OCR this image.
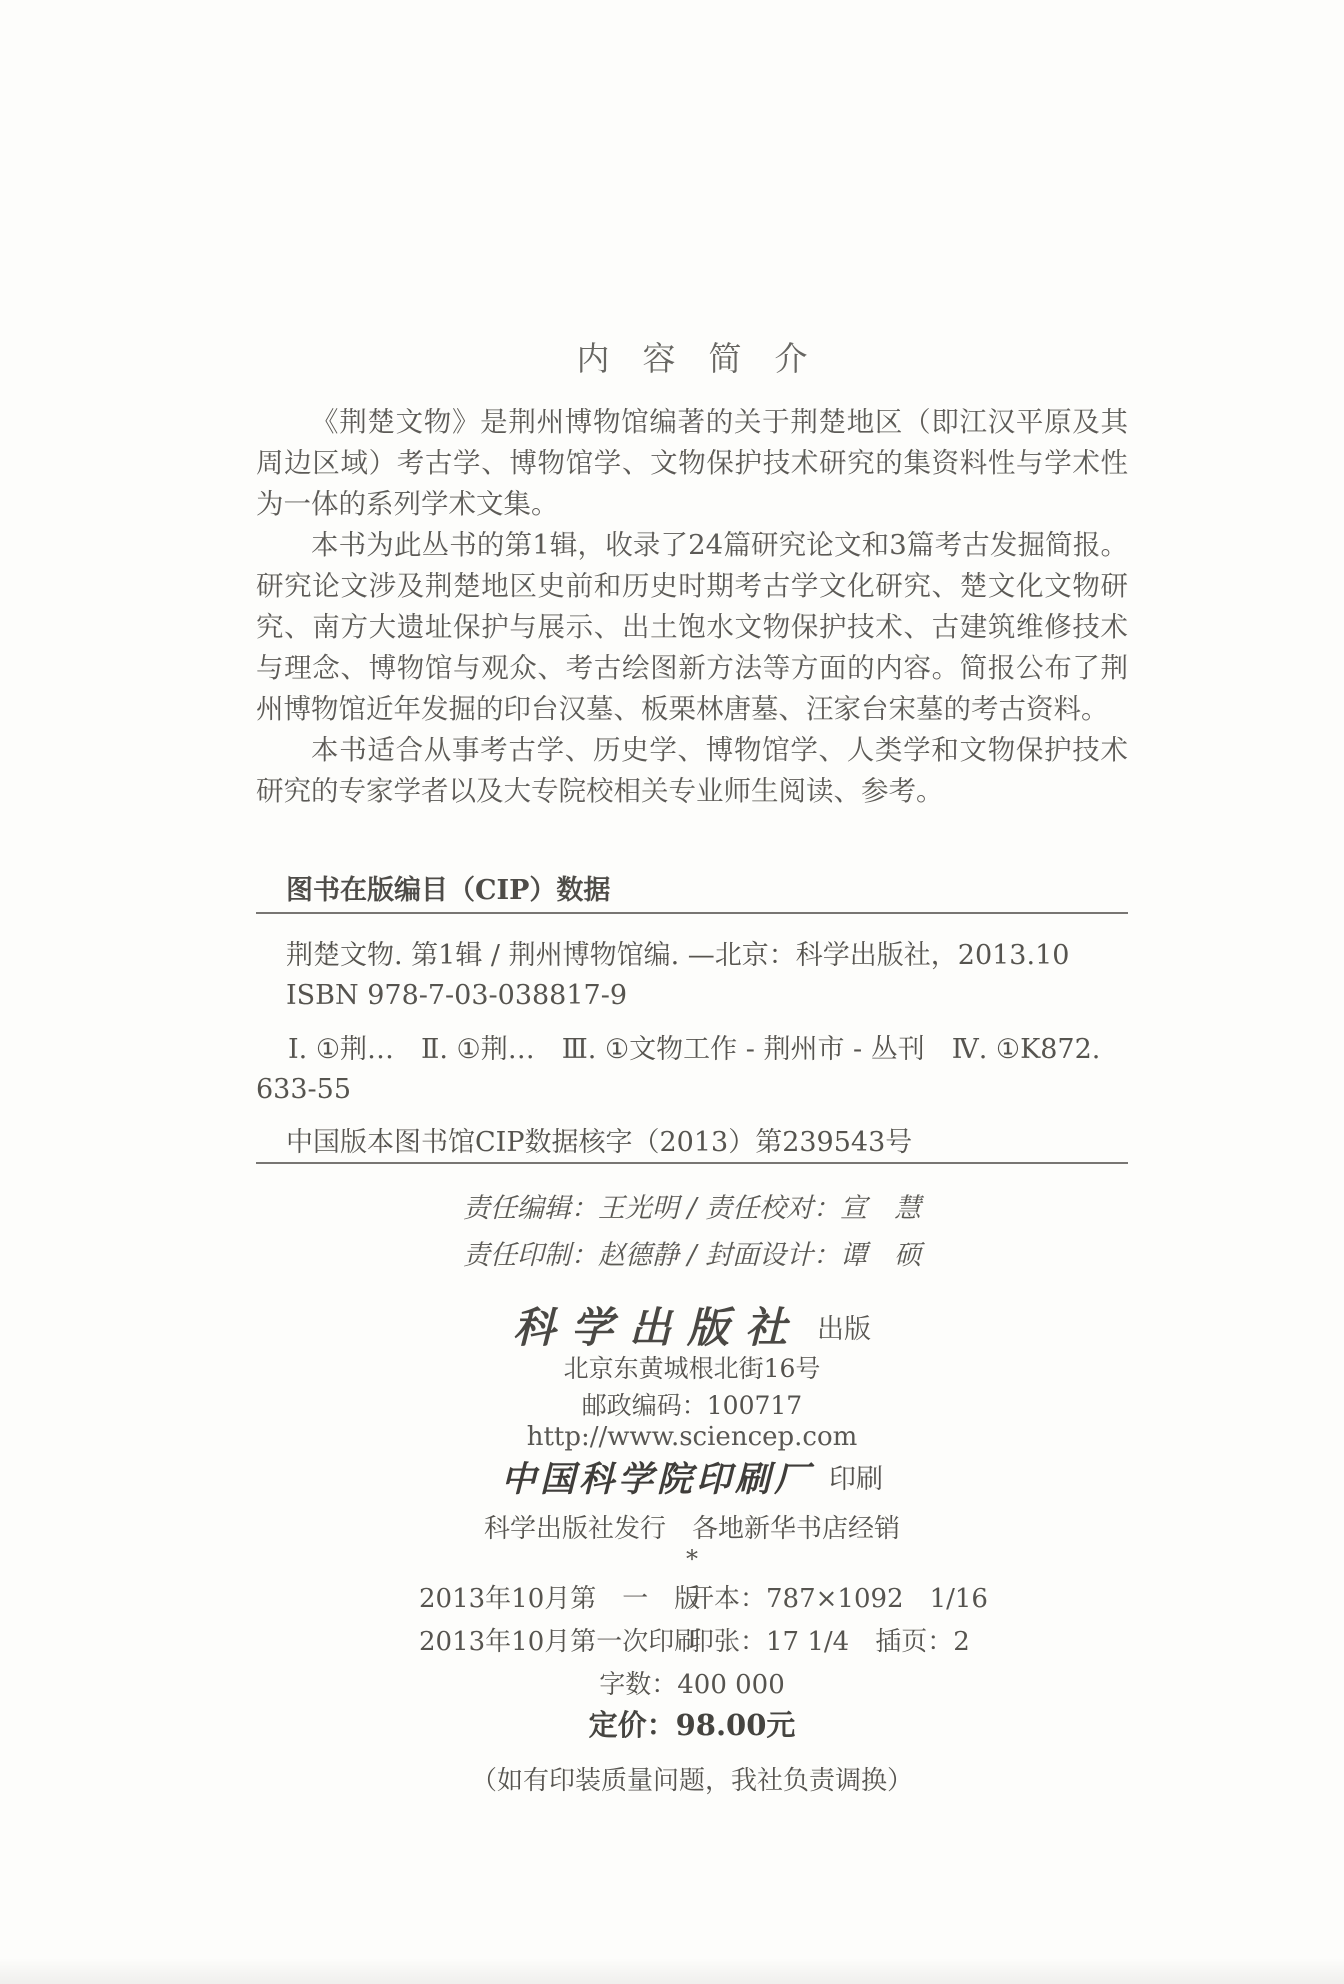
内　容　简　介

《荆楚文物》是荆州博物馆编著的关于荆楚地区（即江汉平原及其周边区域）考古学、博物馆学、文物保护技术研究的集资料性与学术性为一体的系列学术文集。

本书为此丛书的第1辑，收录了24篇研究论文和3篇考古发掘简报。研究论文涉及荆楚地区史前和历史时期考古学文化研究、楚文化文物研究、南方大遗址保护与展示、出土饱水文物保护技术、古建筑维修技术与理念、博物馆与观众、考古绘图新方法等方面的内容。简报公布了荆州博物馆近年发掘的印台汉墓、板栗林唐墓、汪家台宋墓的考古资料。

本书适合从事考古学、历史学、博物馆学、人类学和文物保护技术研究的专家学者以及大专院校相关专业师生阅读、参考。

图书在版编目（CIP）数据
荆楚文物. 第1辑 / 荆州博物馆编. —北京：科学出版社，2013.10
ISBN 978-7-03-038817-9
Ⅰ. ①荆…　Ⅱ. ①荆…　Ⅲ. ①文物工作 - 荆州市 - 丛刊　Ⅳ. ①K872.
633-55
中国版本图书馆CIP数据核字（2013）第239543号
责任编辑：王光明 / 责任校对：宣　慧
责任印制：赵德静 / 封面设计：谭　硕
科学出版社 出版
北京东黄城根北街16号
邮政编码：100717
http://www.sciencep.com
中国科学院印刷厂 印刷
科学出版社发行　各地新华书店经销
*
2013年10月第　一　版
开本：787×1092　1/16
2013年10月第一次印刷
印张：17 1/4　插页：2
字数：400 000
定价：98.00元
（如有印装质量问题，我社负责调换）
